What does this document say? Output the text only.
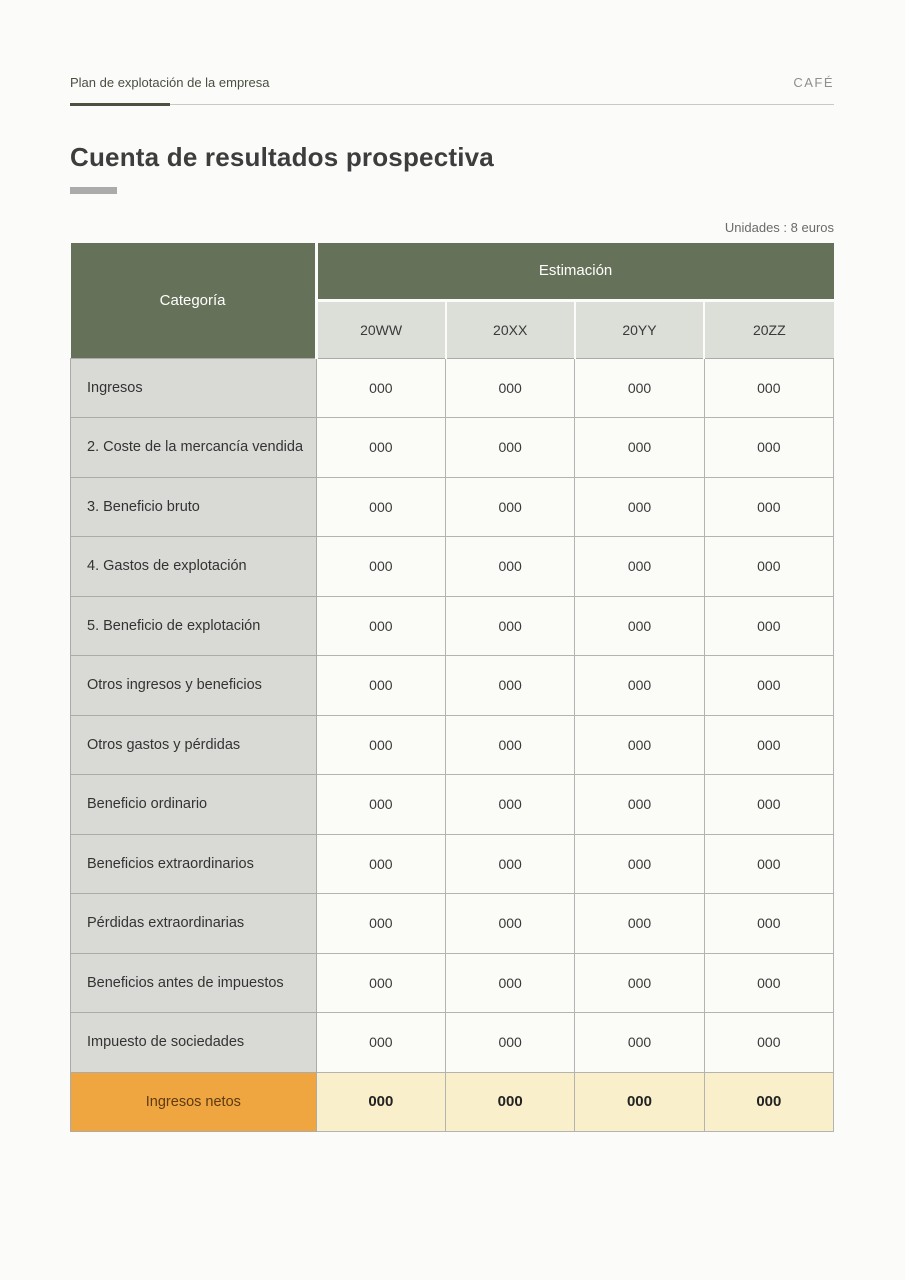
Plan de explotación de la empresa	CAFÉ
Cuenta de resultados prospectiva
Unidades : 8 euros
Categoría	Estimación			
	20WW	20XX	20YY	20ZZ
Ingresos	000	000	000	000
2. Coste de la mercancía vendida	000	000	000	000
3. Beneficio bruto	000	000	000	000
4. Gastos de explotación	000	000	000	000
5. Beneficio de explotación	000	000	000	000
Otros ingresos y beneficios	000	000	000	000
Otros gastos y pérdidas	000	000	000	000
Beneficio ordinario	000	000	000	000
Beneficios extraordinarios	000	000	000	000
Pérdidas extraordinarias	000	000	000	000
Beneficios antes de impuestos	000	000	000	000
Impuesto de sociedades	000	000	000	000
Ingresos netos	000	000	000	000
